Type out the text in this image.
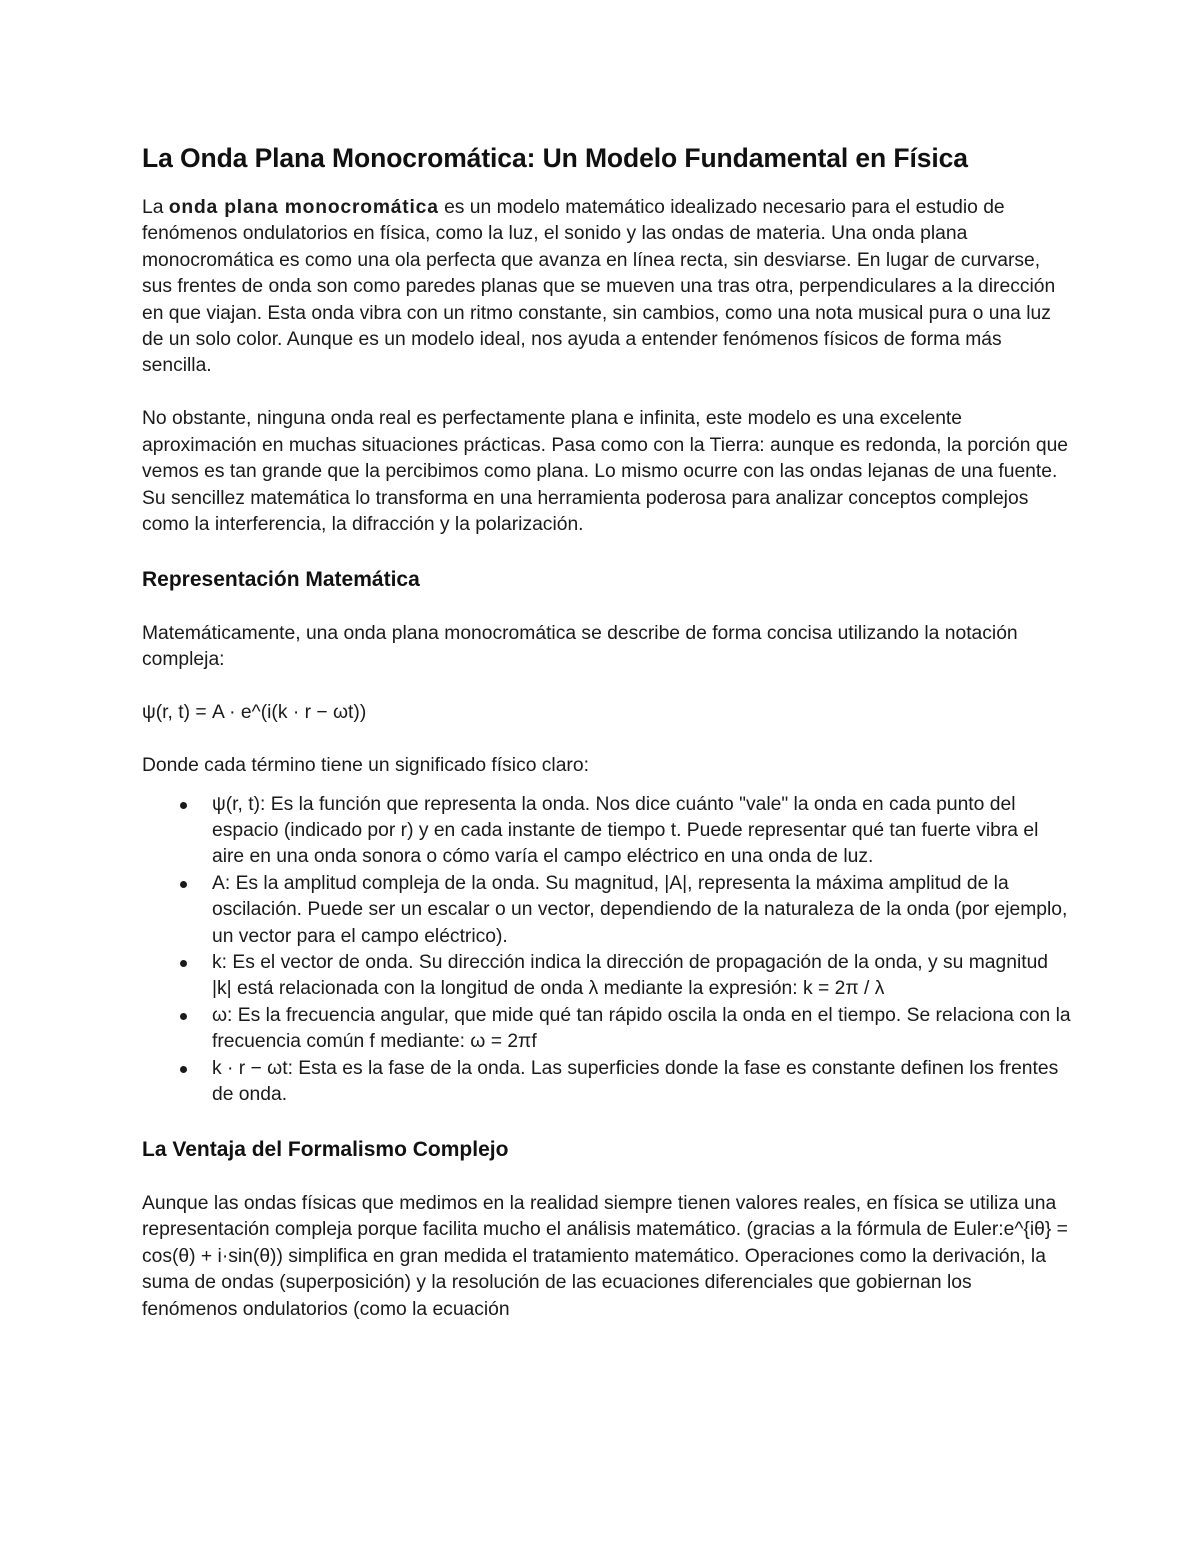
La Onda Plana Monocromática: Un Modelo Fundamental en Física

La onda plana monocromática es un modelo matemático idealizado necesario para el estudio de fenómenos ondulatorios en física, como la luz, el sonido y las ondas de materia. Una onda plana monocromática es como una ola perfecta que avanza en línea recta, sin desviarse. En lugar de curvarse, sus frentes de onda son como paredes planas que se mueven una tras otra, perpendiculares a la dirección en que viajan. Esta onda vibra con un ritmo constante, sin cambios, como una nota musical pura o una luz de un solo color. Aunque es un modelo ideal, nos ayuda a entender fenómenos físicos de forma más sencilla.

No obstante, ninguna onda real es perfectamente plana e infinita, este modelo es una excelente aproximación en muchas situaciones prácticas. Pasa como con la Tierra: aunque es redonda, la porción que vemos es tan grande que la percibimos como plana. Lo mismo ocurre con las ondas lejanas de una fuente. Su sencillez matemática lo transforma en una herramienta poderosa para analizar conceptos complejos como la interferencia, la difracción y la polarización.

Representación Matemática

Matemáticamente, una onda plana monocromática se describe de forma concisa utilizando la notación compleja:

ψ(r, t) = A · e^(i(k · r − ωt))

Donde cada término tiene un significado físico claro:

ψ(r, t): Es la función que representa la onda. Nos dice cuánto "vale" la onda en cada punto del espacio (indicado por r) y en cada instante de tiempo t. Puede representar qué tan fuerte vibra el aire en una onda sonora o cómo varía el campo eléctrico en una onda de luz.
A: Es la amplitud compleja de la onda. Su magnitud, |A|, representa la máxima amplitud de la oscilación. Puede ser un escalar o un vector, dependiendo de la naturaleza de la onda (por ejemplo, un vector para el campo eléctrico).
k: Es el vector de onda. Su dirección indica la dirección de propagación de la onda, y su magnitud |k| está relacionada con la longitud de onda λ mediante la expresión: k = 2π / λ
ω: Es la frecuencia angular, que mide qué tan rápido oscila la onda en el tiempo. Se relaciona con la frecuencia común f mediante: ω = 2πf
k · r − ωt: Esta es la fase de la onda. Las superficies donde la fase es constante definen los frentes de onda.
La Ventaja del Formalismo Complejo

Aunque las ondas físicas que medimos en la realidad siempre tienen valores reales, en física se utiliza una representación compleja porque facilita mucho el análisis matemático. (gracias a la fórmula de Euler:e^{iθ} = cos(θ) + i·sin(θ)) simplifica en gran medida el tratamiento matemático. Operaciones como la derivación, la suma de ondas (superposición) y la resolución de las ecuaciones diferenciales que gobiernan los fenómenos ondulatorios (como la ecuación
